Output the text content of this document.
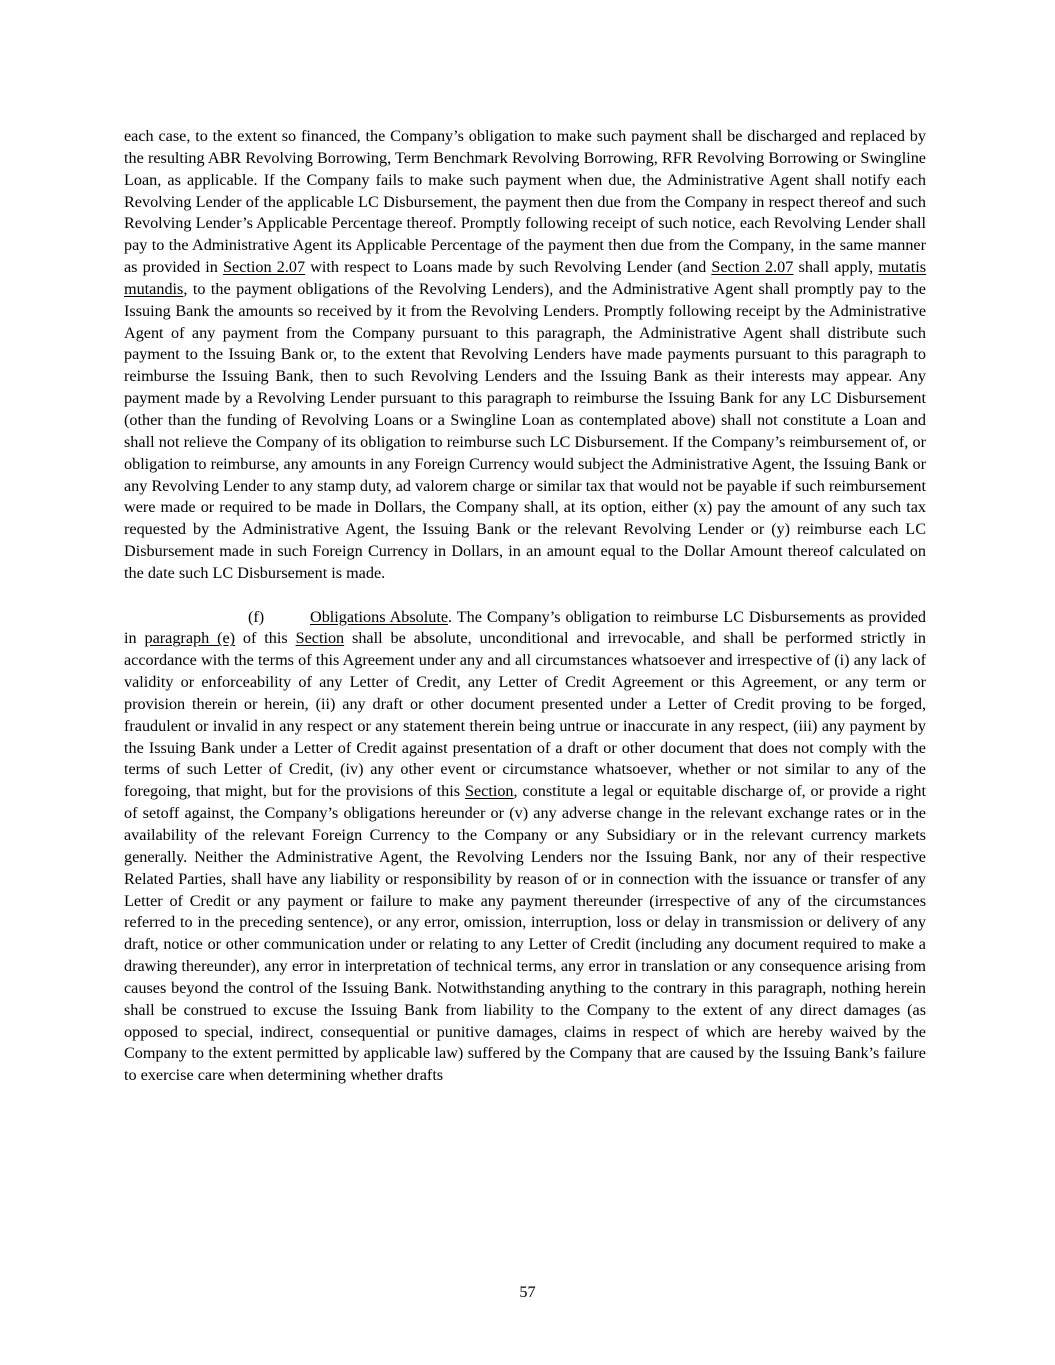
each case, to the extent so financed, the Company’s obligation to make such payment shall be discharged and replaced by the resulting ABR Revolving Borrowing, Term Benchmark Revolving Borrowing, RFR Revolving Borrowing or Swingline Loan, as applicable. If the Company fails to make such payment when due, the Administrative Agent shall notify each Revolving Lender of the applicable LC Disbursement, the payment then due from the Company in respect thereof and such Revolving Lender’s Applicable Percentage thereof. Promptly following receipt of such notice, each Revolving Lender shall pay to the Administrative Agent its Applicable Percentage of the payment then due from the Company, in the same manner as provided in Section 2.07 with respect to Loans made by such Revolving Lender (and Section 2.07 shall apply, mutatis mutandis, to the payment obligations of the Revolving Lenders), and the Administrative Agent shall promptly pay to the Issuing Bank the amounts so received by it from the Revolving Lenders. Promptly following receipt by the Administrative Agent of any payment from the Company pursuant to this paragraph, the Administrative Agent shall distribute such payment to the Issuing Bank or, to the extent that Revolving Lenders have made payments pursuant to this paragraph to reimburse the Issuing Bank, then to such Revolving Lenders and the Issuing Bank as their interests may appear. Any payment made by a Revolving Lender pursuant to this paragraph to reimburse the Issuing Bank for any LC Disbursement (other than the funding of Revolving Loans or a Swingline Loan as contemplated above) shall not constitute a Loan and shall not relieve the Company of its obligation to reimburse such LC Disbursement. If the Company’s reimbursement of, or obligation to reimburse, any amounts in any Foreign Currency would subject the Administrative Agent, the Issuing Bank or any Revolving Lender to any stamp duty, ad valorem charge or similar tax that would not be payable if such reimbursement were made or required to be made in Dollars, the Company shall, at its option, either (x) pay the amount of any such tax requested by the Administrative Agent, the Issuing Bank or the relevant Revolving Lender or (y) reimburse each LC Disbursement made in such Foreign Currency in Dollars, in an amount equal to the Dollar Amount thereof calculated on the date such LC Disbursement is made.

(f)	Obligations Absolute. The Company’s obligation to reimburse LC Disbursements as provided in paragraph (e) of this Section shall be absolute, unconditional and irrevocable, and shall be performed strictly in accordance with the terms of this Agreement under any and all circumstances whatsoever and irrespective of (i) any lack of validity or enforceability of any Letter of Credit, any Letter of Credit Agreement or this Agreement, or any term or provision therein or herein, (ii) any draft or other document presented under a Letter of Credit proving to be forged, fraudulent or invalid in any respect or any statement therein being untrue or inaccurate in any respect, (iii) any payment by the Issuing Bank under a Letter of Credit against presentation of a draft or other document that does not comply with the terms of such Letter of Credit, (iv) any other event or circumstance whatsoever, whether or not similar to any of the foregoing, that might, but for the provisions of this Section, constitute a legal or equitable discharge of, or provide a right of setoff against, the Company’s obligations hereunder or (v) any adverse change in the relevant exchange rates or in the availability of the relevant Foreign Currency to the Company or any Subsidiary or in the relevant currency markets generally. Neither the Administrative Agent, the Revolving Lenders nor the Issuing Bank, nor any of their respective Related Parties, shall have any liability or responsibility by reason of or in connection with the issuance or transfer of any Letter of Credit or any payment or failure to make any payment thereunder (irrespective of any of the circumstances referred to in the preceding sentence), or any error, omission, interruption, loss or delay in transmission or delivery of any draft, notice or other communication under or relating to any Letter of Credit (including any document required to make a drawing thereunder), any error in interpretation of technical terms, any error in translation or any consequence arising from causes beyond the control of the Issuing Bank. Notwithstanding anything to the contrary in this paragraph, nothing herein shall be construed to excuse the Issuing Bank from liability to the Company to the extent of any direct damages (as opposed to special, indirect, consequential or punitive damages, claims in respect of which are hereby waived by the Company to the extent permitted by applicable law) suffered by the Company that are caused by the Issuing Bank’s failure to exercise care when determining whether drafts

57
